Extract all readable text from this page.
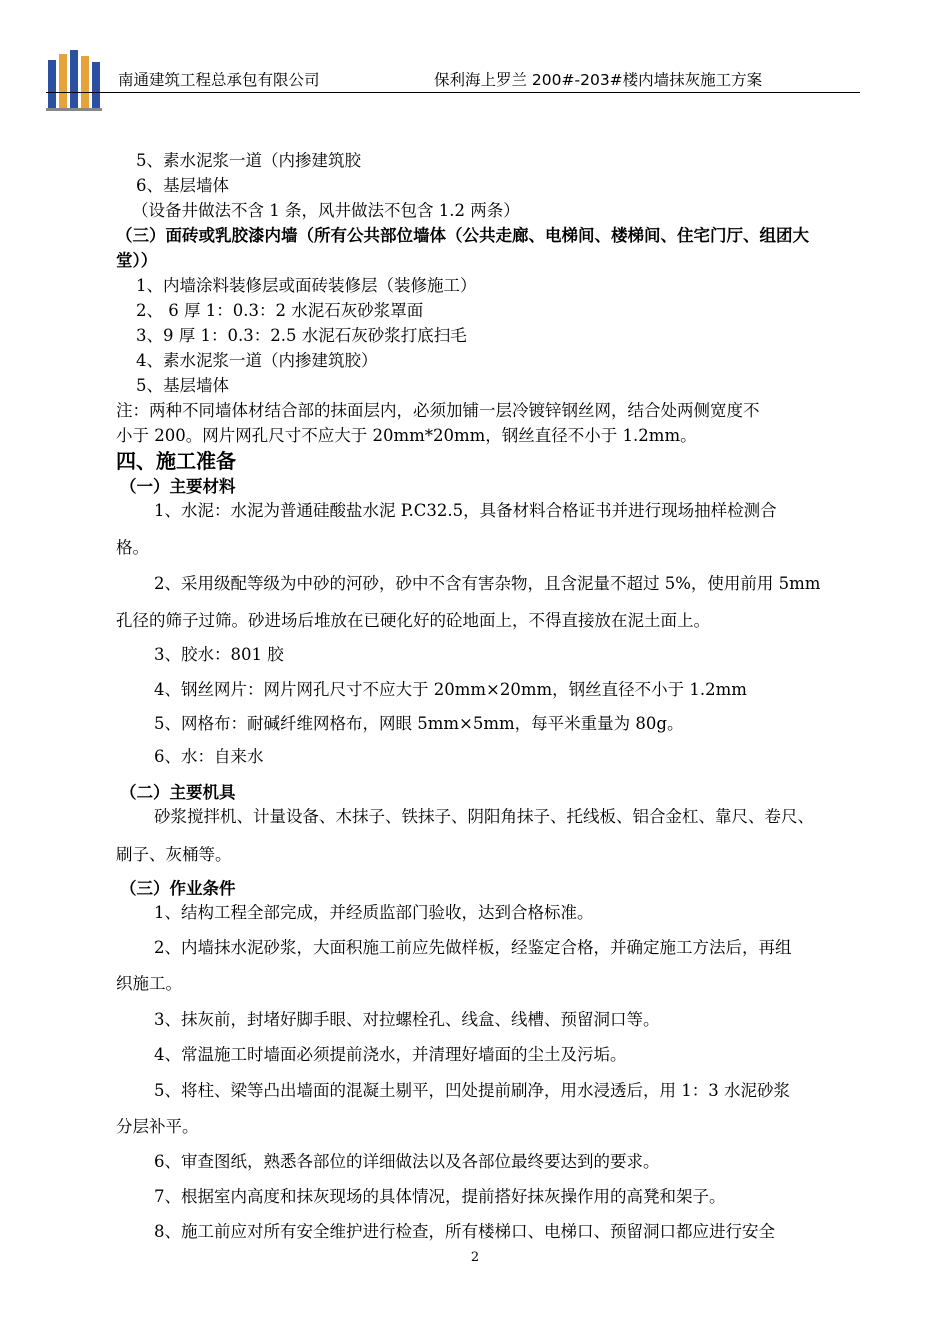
南通建筑工程总承包有限公司	保利海上罗兰 200#-203#楼内墙抹灰施工方案
5、素水泥浆一道（内掺建筑胶
6、基层墙体
（设备井做法不含 1 条，风井做法不包含 1.2 两条）
（三）面砖或乳胶漆内墙（所有公共部位墙体（公共走廊、电梯间、楼梯间、住宅门厅、组团大
堂））
1、内墙涂料装修层或面砖装修层（装修施工）
2、 6 厚 1：0.3：2 水泥石灰砂浆罩面
3、9 厚 1：0.3：2.5 水泥石灰砂浆打底扫毛
4、素水泥浆一道（内掺建筑胶）
5、基层墙体
注：两种不同墙体材结合部的抹面层内，必须加铺一层冷镀锌钢丝网，结合处两侧宽度不
小于 200。网片网孔尺寸不应大于 20mm*20mm，钢丝直径不小于 1.2mm。
四、施工准备
（一）主要材料
1、水泥：水泥为普通硅酸盐水泥 P.C32.5，具备材料合格证书并进行现场抽样检测合
格。
2、采用级配等级为中砂的河砂，砂中不含有害杂物，且含泥量不超过 5%，使用前用 5mm
孔径的筛子过筛。砂进场后堆放在已硬化好的砼地面上，不得直接放在泥土面上。
3、胶水：801 胶
4、钢丝网片：网片网孔尺寸不应大于 20mm×20mm，钢丝直径不小于 1.2mm
5、网格布：耐碱纤维网格布，网眼 5mm×5mm，每平米重量为 80g。
6、水：自来水
（二）主要机具
砂浆搅拌机、计量设备、木抹子、铁抹子、阴阳角抹子、托线板、铝合金杠、靠尺、卷尺、
刷子、灰桶等。
（三）作业条件
1、结构工程全部完成，并经质监部门验收，达到合格标准。
2、内墙抹水泥砂浆，大面积施工前应先做样板，经鉴定合格，并确定施工方法后，再组
织施工。
3、抹灰前，封堵好脚手眼、对拉螺栓孔、线盒、线槽、预留洞口等。
4、常温施工时墙面必须提前浇水，并清理好墙面的尘土及污垢。
5、将柱、梁等凸出墙面的混凝土剔平，凹处提前刷净，用水浸透后，用 1：3 水泥砂浆
分层补平。
6、审查图纸，熟悉各部位的详细做法以及各部位最终要达到的要求。
7、根据室内高度和抹灰现场的具体情况，提前搭好抹灰操作用的高凳和架子。
8、施工前应对所有安全维护进行检查，所有楼梯口、电梯口、预留洞口都应进行安全
2
